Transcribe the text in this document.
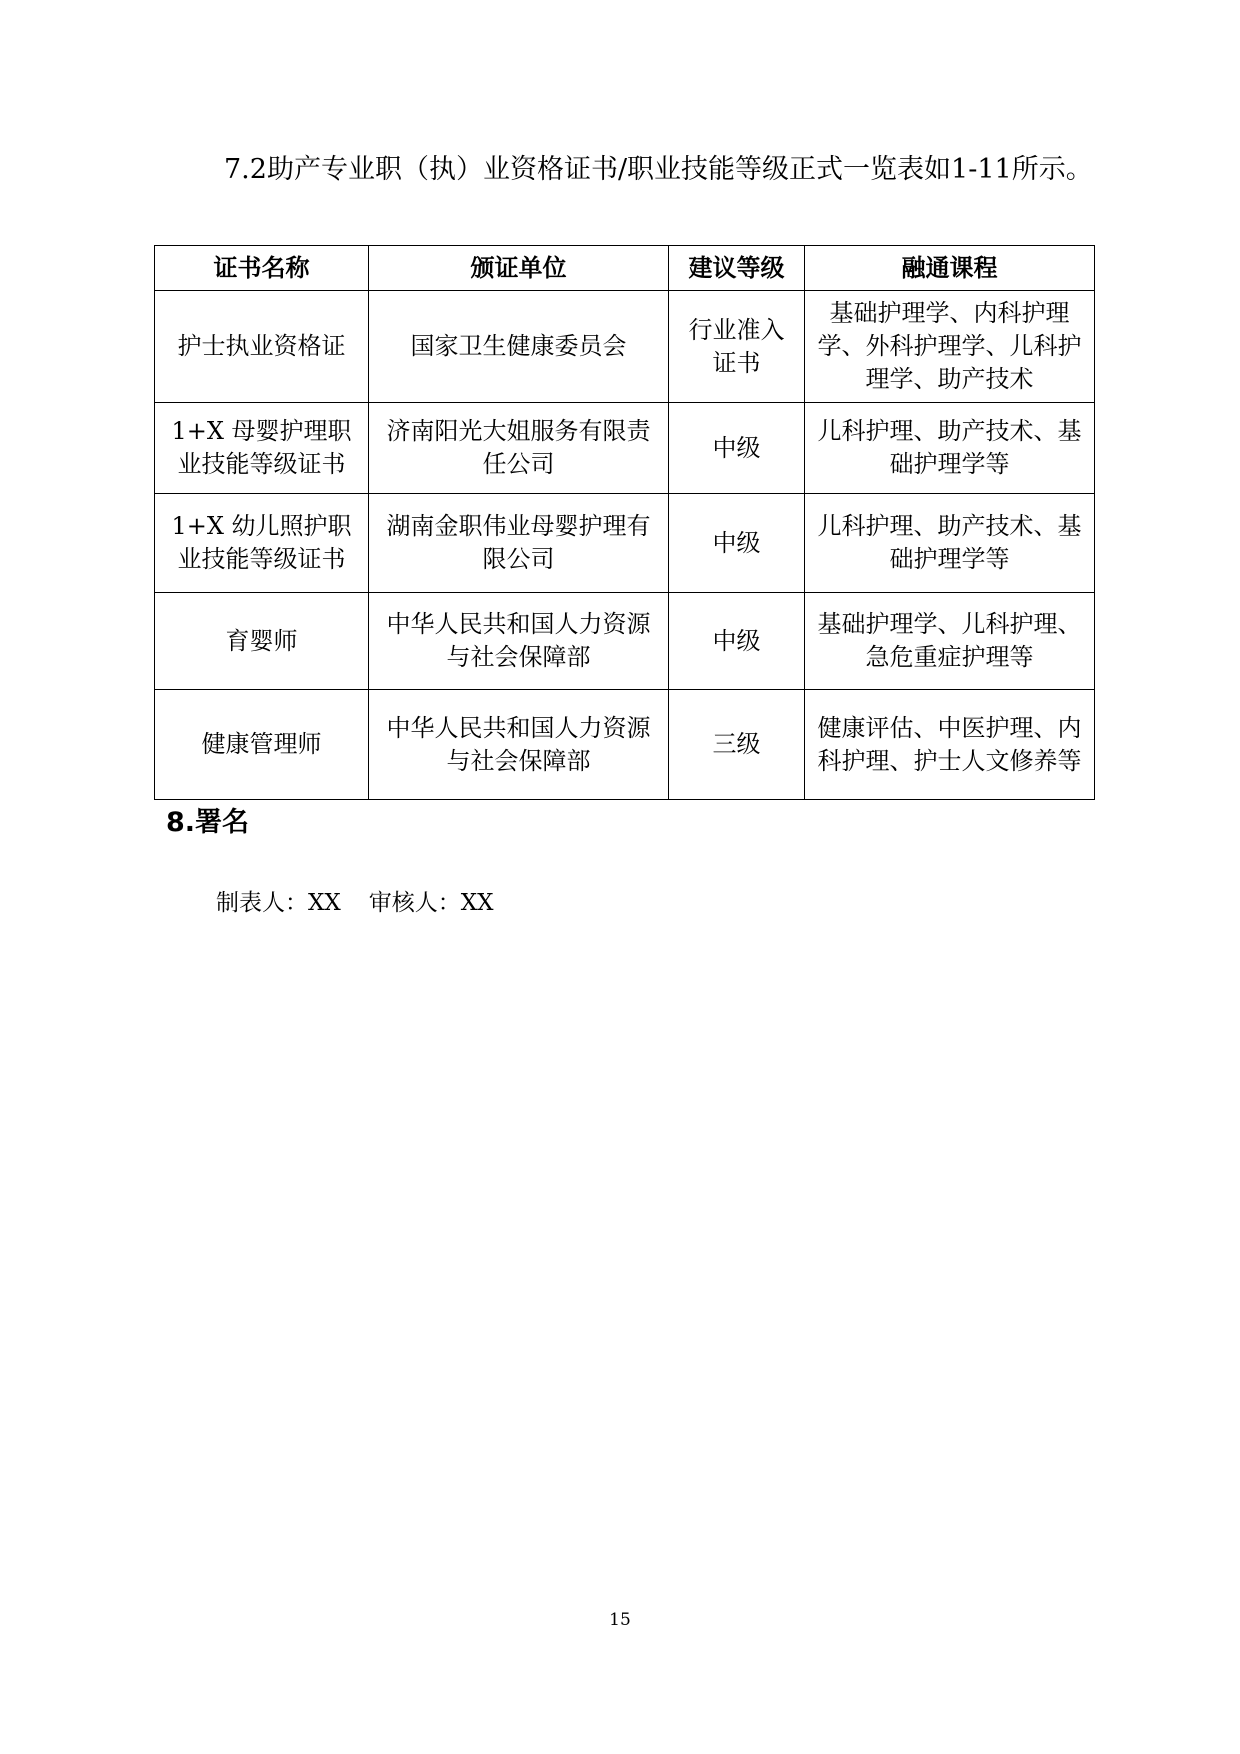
7.2助产专业职（执）业资格证书/职业技能等级正式一览表如1-11所示。

证书名称	颁证单位	建议等级	融通课程
护士执业资格证	国家卫生健康委员会	行业准入证书	基础护理学、内科护理学、外科护理学、儿科护理学、助产技术
1+X 母婴护理职业技能等级证书	济南阳光大姐服务有限责任公司	中级	儿科护理、助产技术、基础护理学等
1+X 幼儿照护职业技能等级证书	湖南金职伟业母婴护理有限公司	中级	儿科护理、助产技术、基础护理学等
育婴师	中华人民共和国人力资源与社会保障部	中级	基础护理学、儿科护理、急危重症护理等
健康管理师	中华人民共和国人力资源与社会保障部	三级	健康评估、中医护理、内科护理、护士人文修养等
8.署名

制表人：XX 审核人：XX

15
